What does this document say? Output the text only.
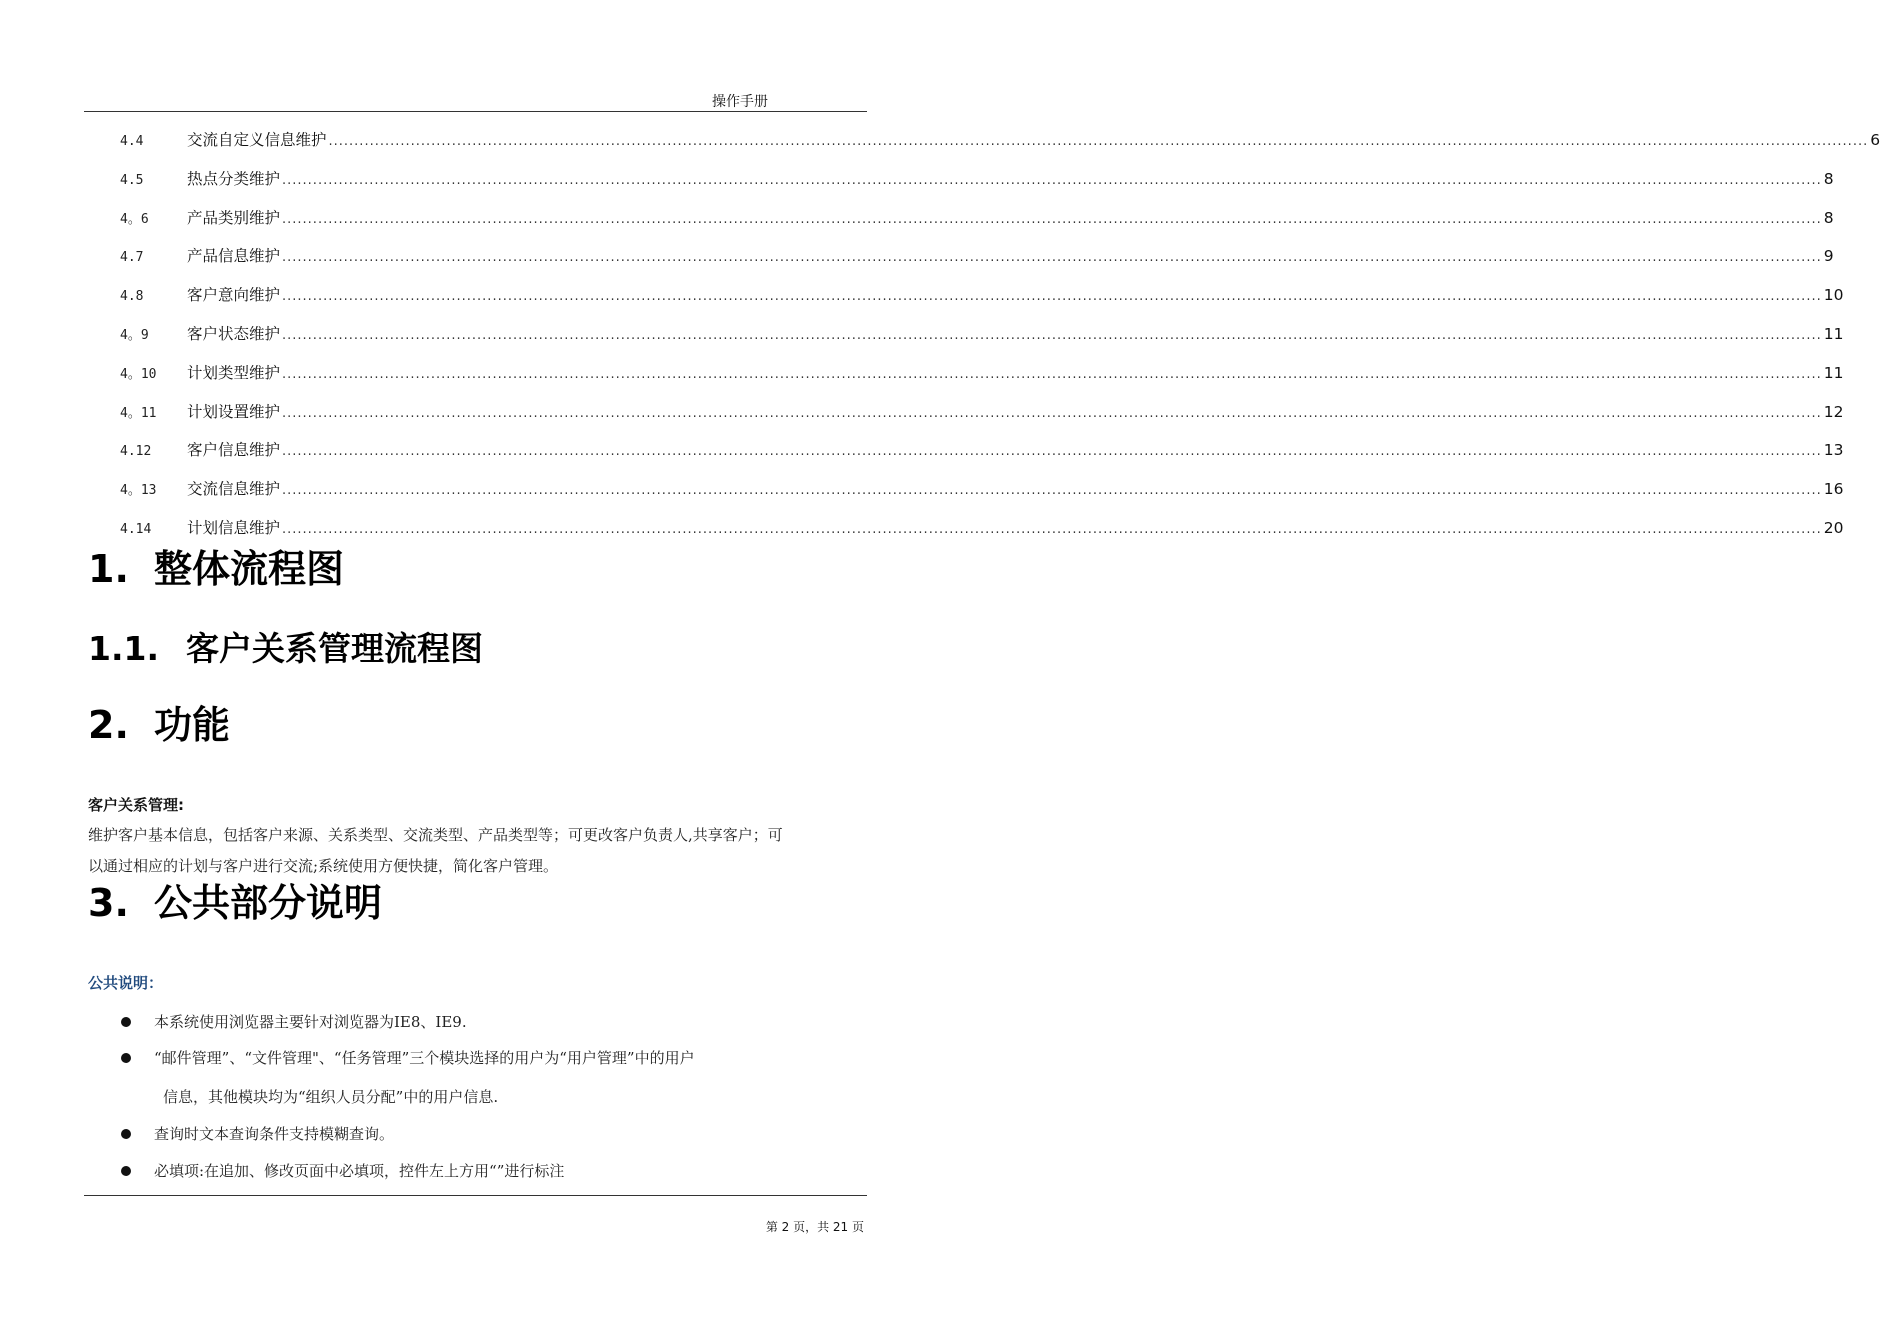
操作手册
4.4	交流自定义信息维护 ............................................................................................................................................................................................................................................................................................................ 6
4.5	热点分类维护 ............................................................................................................................................................................................................................................................................................................ 8
4。6	产品类别维护 ............................................................................................................................................................................................................................................................................................................ 8
4.7	产品信息维护 ............................................................................................................................................................................................................................................................................................................ 9
4.8	客户意向维护 ............................................................................................................................................................................................................................................................................................................ 10
4。9	客户状态维护 ............................................................................................................................................................................................................................................................................................................ 11
4。10	计划类型维护 ............................................................................................................................................................................................................................................................................................................ 11
4。11	计划设置维护 ............................................................................................................................................................................................................................................................................................................ 12
4.12	客户信息维护 ............................................................................................................................................................................................................................................................................................................ 13
4。13	交流信息维护 ............................................................................................................................................................................................................................................................................................................ 16
4.14	计划信息维护 ............................................................................................................................................................................................................................................................................................................ 20
1. 整体流程图
1.1. 客户关系管理流程图
2. 功能
客户关系管理:
维护客户基本信息，包括客户来源、关系类型、交流类型、产品类型等；可更改客户负责人,共享客户；可
以通过相应的计划与客户进行交流;系统使用方便快捷，简化客户管理。
3. 公共部分说明
公共说明：
本系统使用浏览器主要针对浏览器为IE8、IE9.
“邮件管理”、“文件管理"、“任务管理”三个模块选择的用户为“用户管理”中的用户
信息，其他模块均为“组织人员分配”中的用户信息.
查询时文本查询条件支持模糊查询。
必填项:在追加、修改页面中必填项，控件左上方用“”进行标注
第 2 页，共 21 页
